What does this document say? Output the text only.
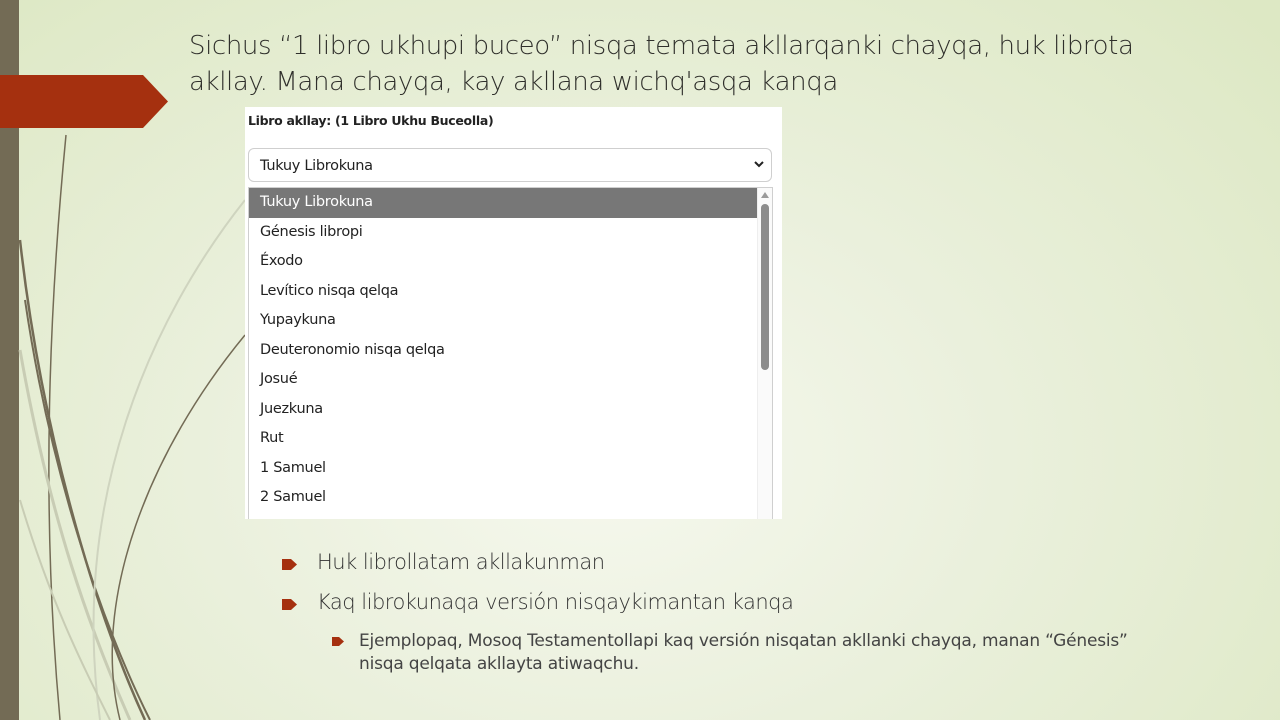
Sichus “1 libro ukhupi buceo” nisqa temata akllarqanki chayqa, huk librota akllay. Mana chayqa, kay akllana wichq'asqa kanqa
Libro akllay: (1 Libro Ukhu Buceolla)
Tukuy Librokuna
Tukuy Librokuna
Génesis libropi
Éxodo
Levítico nisqa qelqa
Yupaykuna
Deuteronomio nisqa qelqa
Josué
Juezkuna
Rut
1 Samuel
2 Samuel
Huk librollatam akllakunman
Kaq librokunaqa versión nisqaykimantan kanqa
Ejemplopaq, Mosoq Testamentollapi kaq versión nisqatan akllanki chayqa, manan “Génesis” nisqa qelqata akllayta atiwaqchu.
